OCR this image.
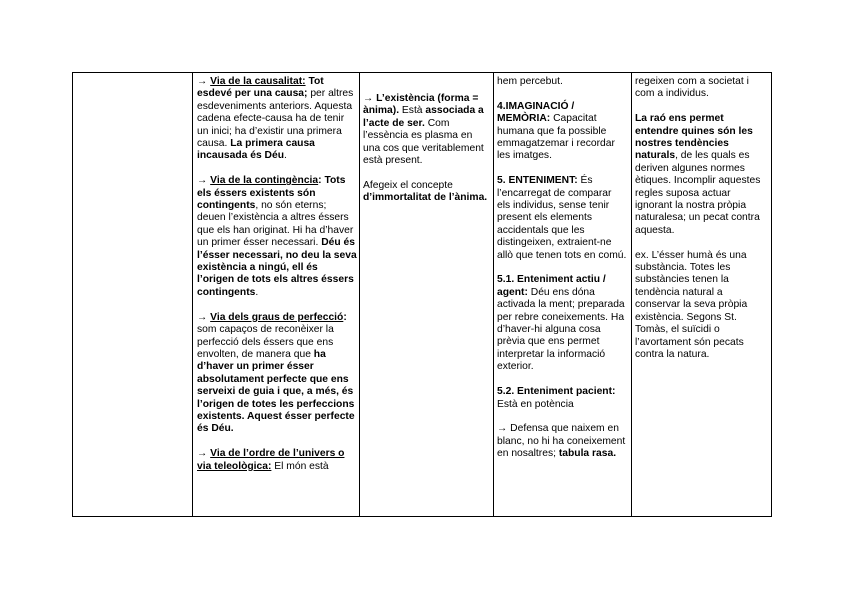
→ Via de la causalitat: Tot esdevé per una causa; per altres esdeveniments anteriors. Aquesta cadena efecte-causa ha de tenir un inici; ha d’existir una primera causa. La primera causa incausada és Déu.

→ Via de la contingència: Tots els éssers existents són contingents, no són eterns; deuen l’existència a altres éssers que els han originat. Hi ha d’haver un primer ésser necessari. Déu és l’ésser necessari, no deu la seva existència a ningú, ell és l’origen de tots els altres éssers contingents.

→ Via dels graus de perfecció: som capaços de reconèixer la perfecció dels éssers que ens envolten, de manera que ha d’haver un primer ésser absolutament perfecte que ens serveixi de guia i que, a més, és l’origen de totes les perfeccions existents. Aquest ésser perfecte és Déu.

→ Via de l’ordre de l’univers o via teleològica: El món està

→ L’existència (forma = ànima). Està associada a l’acte de ser. Com l’essència es plasma en una cos que veritablement està present.

Afegeix el concepte d’immortalitat de l’ànima.

hem percebut.

4.IMAGINACIÓ / MEMÒRIA: Capacitat humana que fa possible emmagatzemar i recordar les imatges.

5. ENTENIMENT: És l’encarregat de comparar els individus, sense tenir present els elements accidentals que les distingeixen, extraient-ne allò que tenen tots en comú.

5.1. Enteniment actiu / agent: Déu ens dóna activada la ment; preparada per rebre coneixements. Ha d’haver-hi alguna cosa prèvia que ens permet interpretar la informació exterior.

5.2. Enteniment pacient: Està en potència

→ Defensa que naixem en blanc, no hi ha coneixement en nosaltres; tabula rasa.

regeixen com a societat i com a individus.

La raó ens permet entendre quines són les nostres tendències naturals, de les quals es deriven algunes normes ètiques. Incomplir aquestes regles suposa actuar ignorant la nostra pròpia naturalesa; un pecat contra aquesta.

ex. L’ésser humà és una substància. Totes les substàncies tenen la tendència natural a conservar la seva pròpia existència. Segons St. Tomàs, el suïcidi o l’avortament són pecats contra la natura.
